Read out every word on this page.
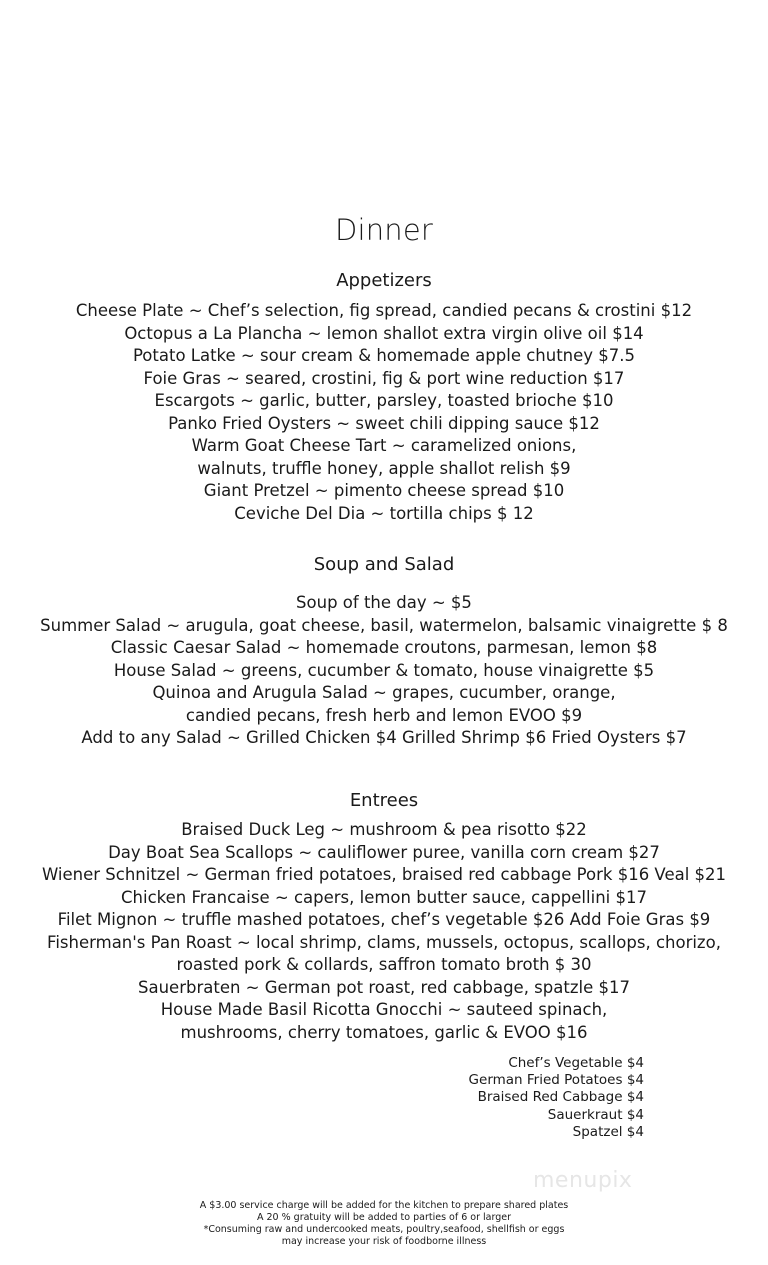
Dinner
Appetizers
Cheese Plate ~ Chef’s selection, fig spread, candied pecans & crostini $12
Octopus a La Plancha ~ lemon shallot extra virgin olive oil $14
Potato Latke ~ sour cream & homemade apple chutney $7.5
Foie Gras ~ seared, crostini, fig & port wine reduction $17
Escargots ~ garlic, butter, parsley, toasted brioche $10
Panko Fried Oysters ~ sweet chili dipping sauce $12
Warm Goat Cheese Tart ~ caramelized onions,
walnuts, truffle honey, apple shallot relish $9
Giant Pretzel ~ pimento cheese spread $10
Ceviche Del Dia ~ tortilla chips $ 12
Soup and Salad
Soup of the day ~ $5
Summer Salad ~ arugula, goat cheese, basil, watermelon, balsamic vinaigrette $ 8
Classic Caesar Salad ~ homemade croutons, parmesan, lemon $8
House Salad ~ greens, cucumber & tomato, house vinaigrette $5
Quinoa and Arugula Salad ~ grapes, cucumber, orange,
candied pecans, fresh herb and lemon EVOO $9
Add to any Salad ~ Grilled Chicken $4 Grilled Shrimp $6 Fried Oysters $7
Entrees
Braised Duck Leg ~ mushroom & pea risotto $22
Day Boat Sea Scallops ~ cauliflower puree, vanilla corn cream $27
Wiener Schnitzel ~ German fried potatoes, braised red cabbage Pork $16 Veal $21
Chicken Francaise ~ capers, lemon butter sauce, cappellini $17
Filet Mignon ~ truffle mashed potatoes, chef’s vegetable $26 Add Foie Gras $9
Fisherman's Pan Roast ~ local shrimp, clams, mussels, octopus, scallops, chorizo,
roasted pork & collards, saffron tomato broth $ 30
Sauerbraten ~ German pot roast, red cabbage, spatzle $17
House Made Basil Ricotta Gnocchi ~ sauteed spinach,
mushrooms, cherry tomatoes, garlic & EVOO $16
Chef’s Vegetable $4
German Fried Potatoes $4
Braised Red Cabbage $4
Sauerkraut $4
Spatzel $4
menupix
A $3.00 service charge will be added for the kitchen to prepare shared plates
A 20 % gratuity will be added to parties of 6 or larger
*Consuming raw and undercooked meats, poultry,seafood, shellfish or eggs
may increase your risk of foodborne illness
